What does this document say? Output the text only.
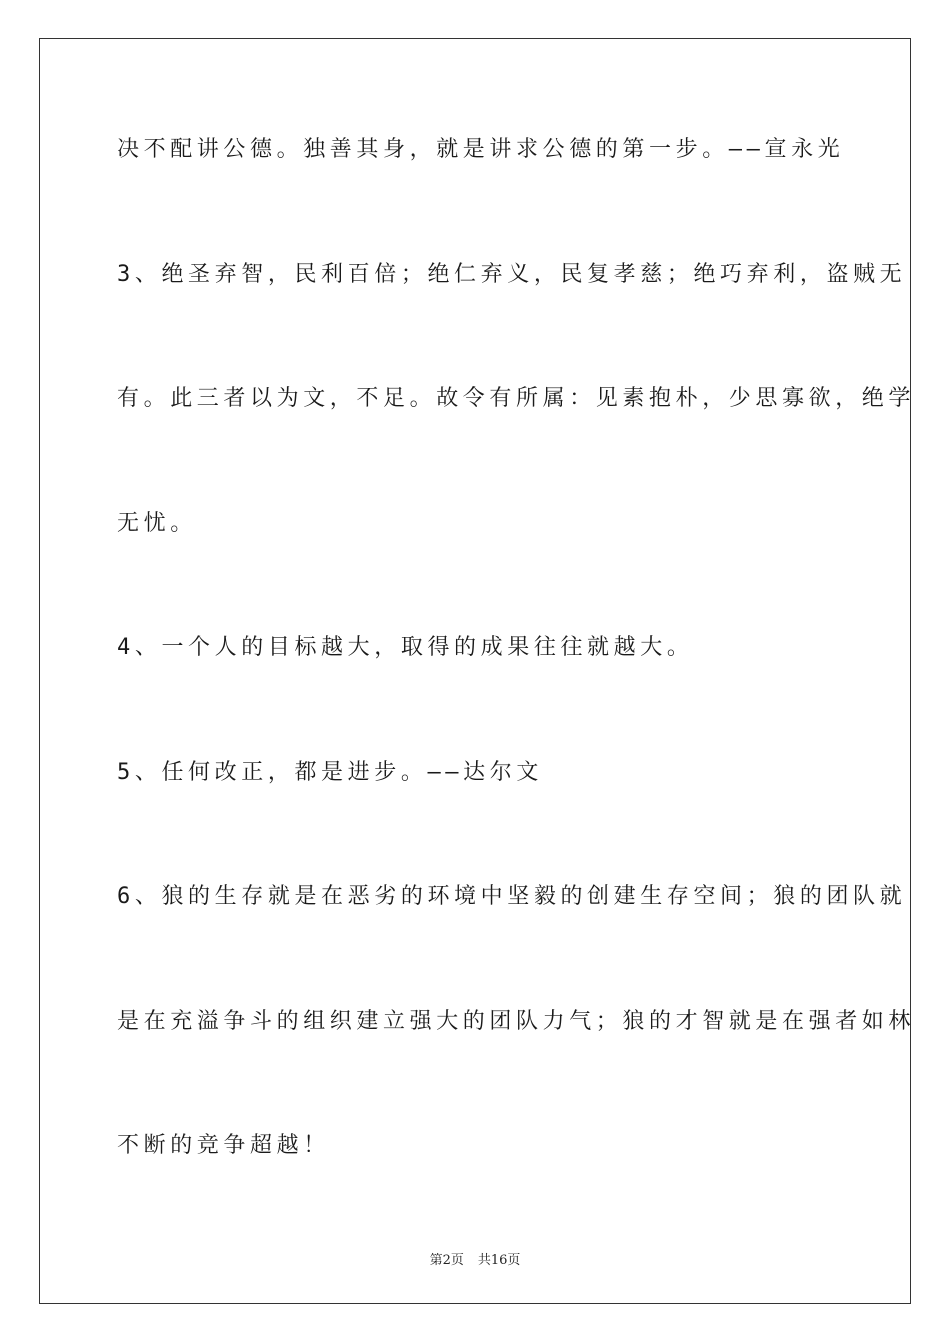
决不配讲公德。独善其身，就是讲求公德的第一步。——宣永光
3、绝圣弃智，民利百倍；绝仁弃义，民复孝慈；绝巧弃利，盗贼无
有。此三者以为文，不足。故令有所属：见素抱朴，少思寡欲，绝学
无忧。
4、一个人的目标越大，取得的成果往往就越大。
5、任何改正，都是进步。——达尔文
6、狼的生存就是在恶劣的环境中坚毅的创建生存空间；狼的团队就
是在充溢争斗的组织建立强大的团队力气；狼的才智就是在强者如林
不断的竞争超越！
第2页 共16页
